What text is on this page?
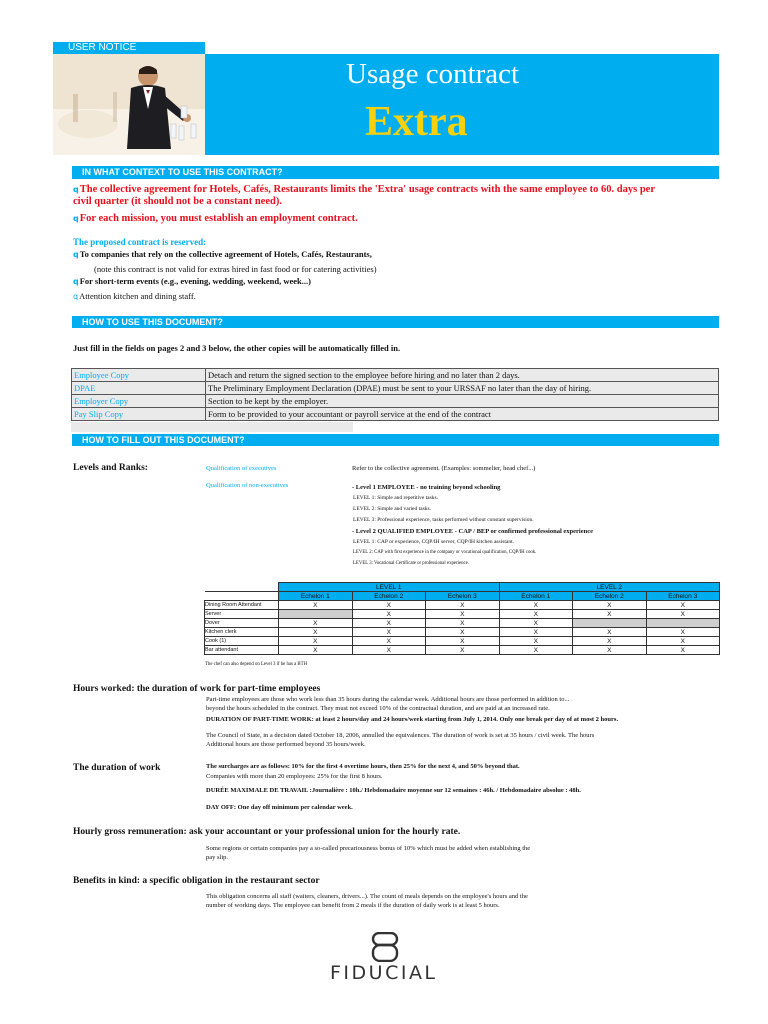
USER NOTICE
Usage contract
Extra
IN WHAT CONTEXT TO USE THIS CONTRACT?
qThe collective agreement for Hotels, Cafés, Restaurants limits the 'Extra' usage contracts with the same employee to 60. days per civil quarter (it should not be a constant need).
qFor each mission, you must establish an employment contract.
The proposed contract is reserved:
qTo companies that rely on the collective agreement of Hotels, Cafés, Restaurants,
(note this contract is not valid for extras hired in fast food or for catering activities)
qFor short-term events (e.g., evening, wedding, weekend, week...)
qAttention kitchen and dining staff.
HOW TO USE THIS DOCUMENT?
Just fill in the fields on pages 2 and 3 below, the other copies will be automatically filled in.
Employee Copy	Detach and return the signed section to the employee before hiring and no later than 2 days.
DPAE	The Preliminary Employment Declaration (DPAE) must be sent to your URSSAF no later than the day of hiring.
Employer Copy	Section to be kept by the employer.
Pay Slip Copy	Form to be provided to your accountant or payroll service at the end of the contract
HOW TO FILL OUT THIS DOCUMENT?
Levels and Ranks:	Qualification of executives	Refer to the collective agreement. (Examples: sommelier, head chef...)
Qualification of non-executives	- Level 1 EMPLOYEE - no training beyond schooling
LEVEL 1: Simple and repetitive tasks.
LEVEL 2: Simple and varied tasks.
LEVEL 3: Professional experience, tasks performed without constant supervision.
- Level 2 QUALIFIED EMPLOYEE - CAP / BEP or confirmed professional experience
LEVEL 1: CAP or experience, CQP/IH server, CQP/IH kitchen assistant.
LEVEL 2: CAP with first experience in the company or vocational qualification, CQP/IH cook.
LEVEL 3: Vocational Certificate or professional experience.
	LEVEL 1			LEVEL 2		
	Echelon 1	Echelon 2	Echelon 3	Echelon 1	Echelon 2	Echelon 3
Dining Room Attendant	X	X	X	X	X	X
Server		X	X	X	X	X
Dover	X	X	X	X		
Kitchen clerk	X	X	X	X	X	X
Cook (1)	X	X	X	X	X	X
Bar attendant	X	X	X	X	X	X
The chef can also depend on Level 3 if he has a BTH
Hours worked: the duration of work for part-time employees
Part-time employees are those who work less than 35 hours during the calendar week. Additional hours are those performed in addition to...
beyond the hours scheduled in the contract. They must not exceed 10% of the contractual duration, and are paid at an increased rate.
DURATION OF PART-TIME WORK: at least 2 hours/day and 24 hours/week starting from July 1, 2014. Only one break per day of at most 2 hours.
The Council of State, in a decision dated October 18, 2006, annulled the equivalences. The duration of work is set at 35 hours / civil week. The hours
Additional hours are those performed beyond 35 hours/week.
The duration of work	The surcharges are as follows: 10% for the first 4 overtime hours, then 25% for the next 4, and 50% beyond that.
Companies with more than 20 employees: 25% for the first 8 hours.
DURÉE MAXIMALE DE TRAVAIL :Journalière : 10h./ Hebdomadaire moyenne sur 12 semaines : 46h. / Hebdomadaire absolue : 48h.
DAY OFF: One day off minimum per calendar week.
Hourly gross remuneration: ask your accountant or your professional union for the hourly rate.
Some regions or certain companies pay a so-called precariousness bonus of 10% which must be added when establishing the
pay slip.
Benefits in kind: a specific obligation in the restaurant sector
This obligation concerns all staff (waiters, cleaners, drivers...). The count of meals depends on the employee's hours and the
number of working days. The employee can benefit from 2 meals if the duration of daily work is at least 5 hours.
FIDUCIAL
